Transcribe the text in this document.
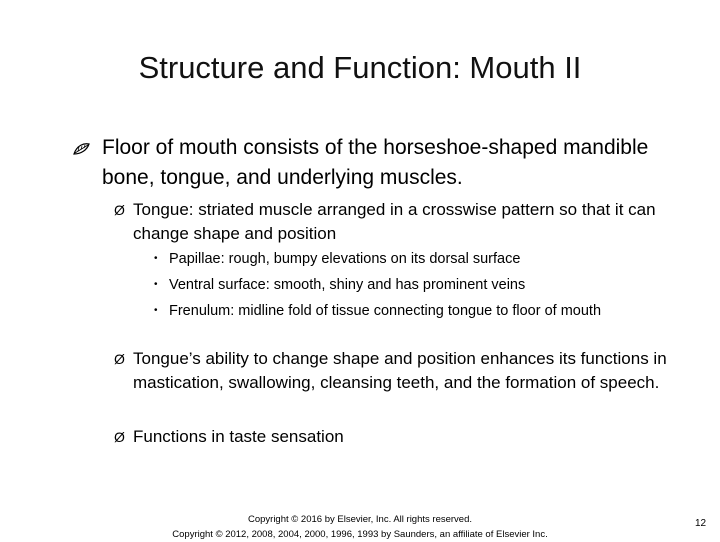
Structure and Function: Mouth II
Floor of mouth consists of the horseshoe-shaped mandible bone, tongue, and underlying muscles.
Ø Tongue: striated muscle arranged in a crosswise pattern so that it can change shape and position
• Papillae: rough, bumpy elevations on its dorsal surface
• Ventral surface: smooth, shiny and has prominent veins
• Frenulum: midline fold of tissue connecting tongue to floor of mouth
Ø Tongue’s ability to change shape and position enhances its functions in mastication, swallowing, cleansing teeth, and the formation of speech.
Ø Functions in taste sensation
Copyright © 2016 by Elsevier, Inc. All rights reserved.
Copyright © 2012, 2008, 2004, 2000, 1996, 1993 by Saunders, an affiliate of Elsevier Inc.
12
